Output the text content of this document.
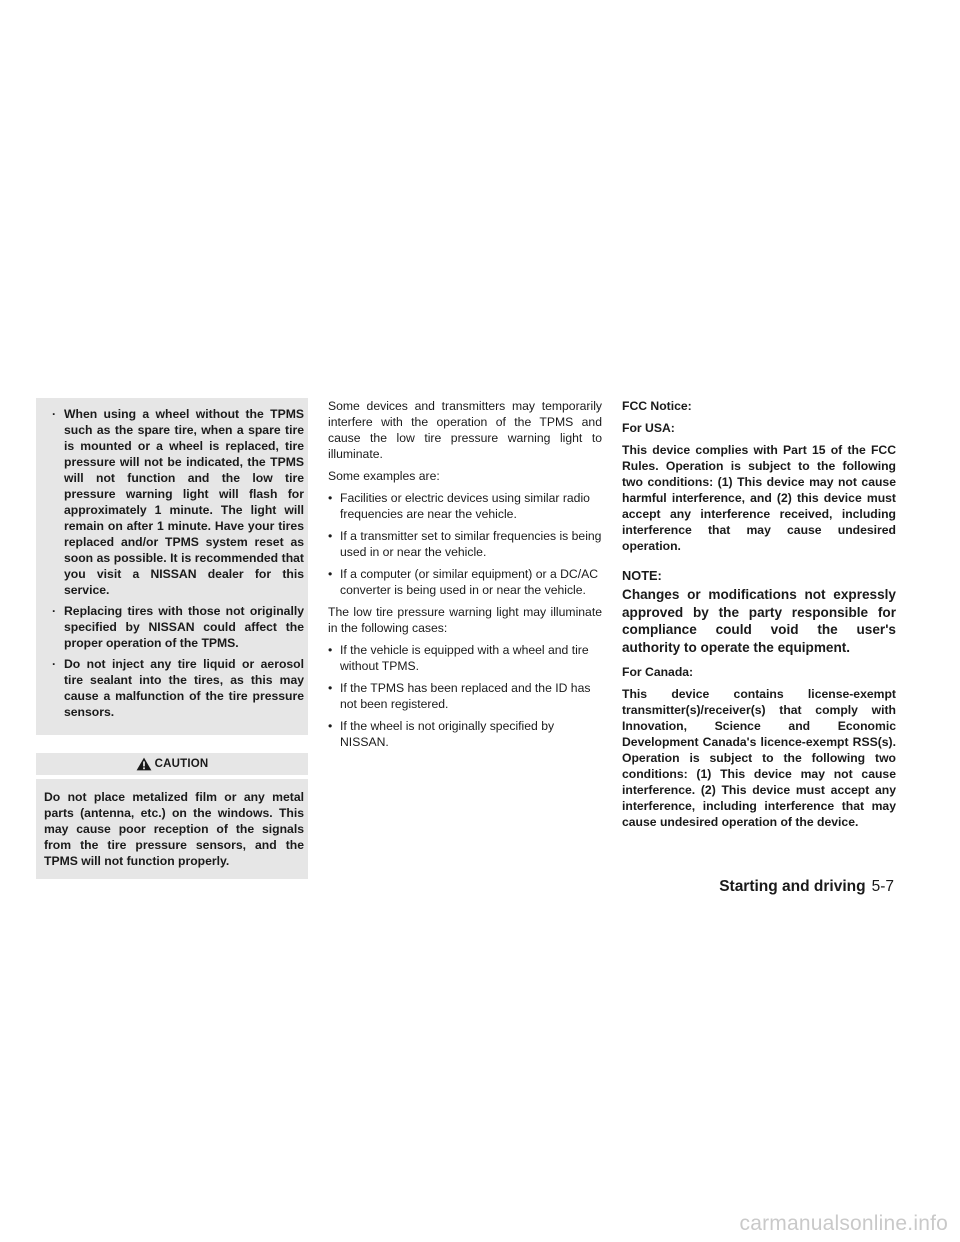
· When using a wheel without the TPMS such as the spare tire, when a spare tire is mounted or a wheel is replaced, tire pressure will not be indicated, the TPMS will not function and the low tire pressure warning light will flash for approximately 1 minute. The light will remain on after 1 minute. Have your tires replaced and/or TPMS system reset as soon as possible. It is recommended that you visit a NISSAN dealer for this service.
· Replacing tires with those not originally specified by NISSAN could affect the proper operation of the TPMS.
· Do not inject any tire liquid or aerosol tire sealant into the tires, as this may cause a malfunction of the tire pressure sensors.
CAUTION
Do not place metalized film or any metal parts (antenna, etc.) on the windows. This may cause poor reception of the signals from the tire pressure sensors, and the TPMS will not function properly.

Some devices and transmitters may temporarily interfere with the operation of the TPMS and cause the low tire pressure warning light to illuminate.

Some examples are:

• Facilities or electric devices using similar radio frequencies are near the vehicle.
• If a transmitter set to similar frequencies is being used in or near the vehicle.
• If a computer (or similar equipment) or a DC/AC converter is being used in or near the vehicle.

The low tire pressure warning light may illuminate in the following cases:

• If the vehicle is equipped with a wheel and tire without TPMS.
• If the TPMS has been replaced and the ID has not been registered.
• If the wheel is not originally specified by NISSAN.

FCC Notice:

For USA:

This device complies with Part 15 of the FCC Rules. Operation is subject to the following two conditions: (1) This device may not cause harmful interference, and (2) this device must accept any interference received, including interference that may cause undesired operation.

NOTE:

Changes or modifications not expressly approved by the party responsible for compliance could void the user's authority to operate the equipment.

For Canada:

This device contains license-exempt transmitter(s)/receiver(s) that comply with Innovation, Science and Economic Development Canada's licence-exempt RSS(s). Operation is subject to the following two conditions: (1) This device may not cause interference. (2) This device must accept any interference, including interference that may cause undesired operation of the device.

Starting and driving 5-7
carmanualsonline.info
